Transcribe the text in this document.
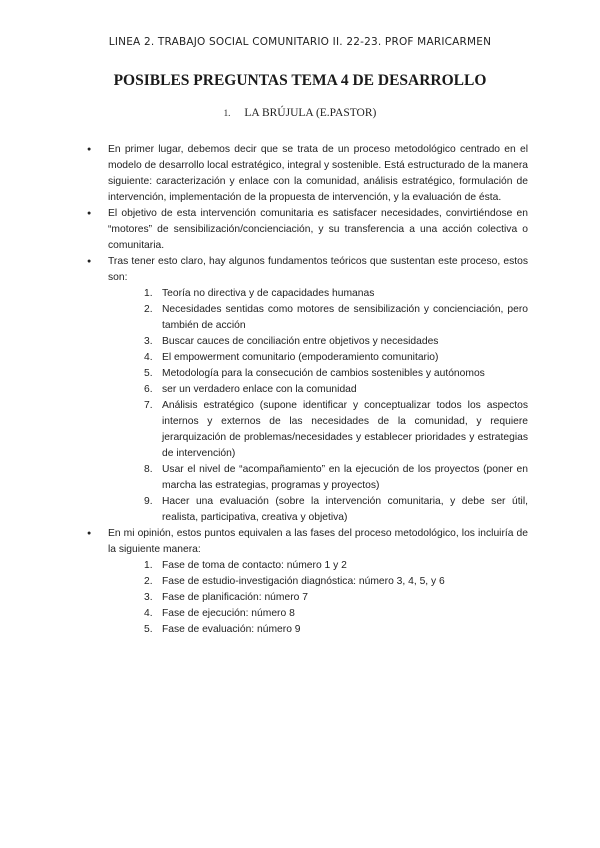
LINEA 2. TRABAJO SOCIAL COMUNITARIO II. 22-23. PROF MARICARMEN
POSIBLES PREGUNTAS TEMA 4 DE DESARROLLO
1. LA BRÚJULA (E.PASTOR)
● En primer lugar, debemos decir que se trata de un proceso metodológico centrado en el modelo de desarrollo local estratégico, integral y sostenible. Está estructurado de la manera siguiente: caracterización y enlace con la comunidad, análisis estratégico, formulación de intervención, implementación de la propuesta de intervención, y la evaluación de ésta.
● El objetivo de esta intervención comunitaria es satisfacer necesidades, convirtiéndose en “motores” de sensibilización/concienciación, y su transferencia a una acción colectiva o comunitaria.
● Tras tener esto claro, hay algunos fundamentos teóricos que sustentan este proceso, estos son:
1. Teoría no directiva y de capacidades humanas
2. Necesidades sentidas como motores de sensibilización y concienciación, pero también de acción
3. Buscar cauces de conciliación entre objetivos y necesidades
4. El empowerment comunitario (empoderamiento comunitario)
5. Metodología para la consecución de cambios sostenibles y autónomos
6. ser un verdadero enlace con la comunidad
7. Análisis estratégico (supone identificar y conceptualizar todos los aspectos internos y externos de las necesidades de la comunidad, y requiere jerarquización de problemas/necesidades y establecer prioridades y estrategias de intervención)
8. Usar el nivel de “acompañamiento” en la ejecución de los proyectos (poner en marcha las estrategias, programas y proyectos)
9. Hacer una evaluación (sobre la intervención comunitaria, y debe ser útil, realista, participativa, creativa y objetiva)
● En mi opinión, estos puntos equivalen a las fases del proceso metodológico, los incluiría de la siguiente manera:
1. Fase de toma de contacto: número 1 y 2
2. Fase de estudio-investigación diagnóstica: número 3, 4, 5, y 6
3. Fase de planificación: número 7
4. Fase de ejecución: número 8
5. Fase de evaluación: número 9
